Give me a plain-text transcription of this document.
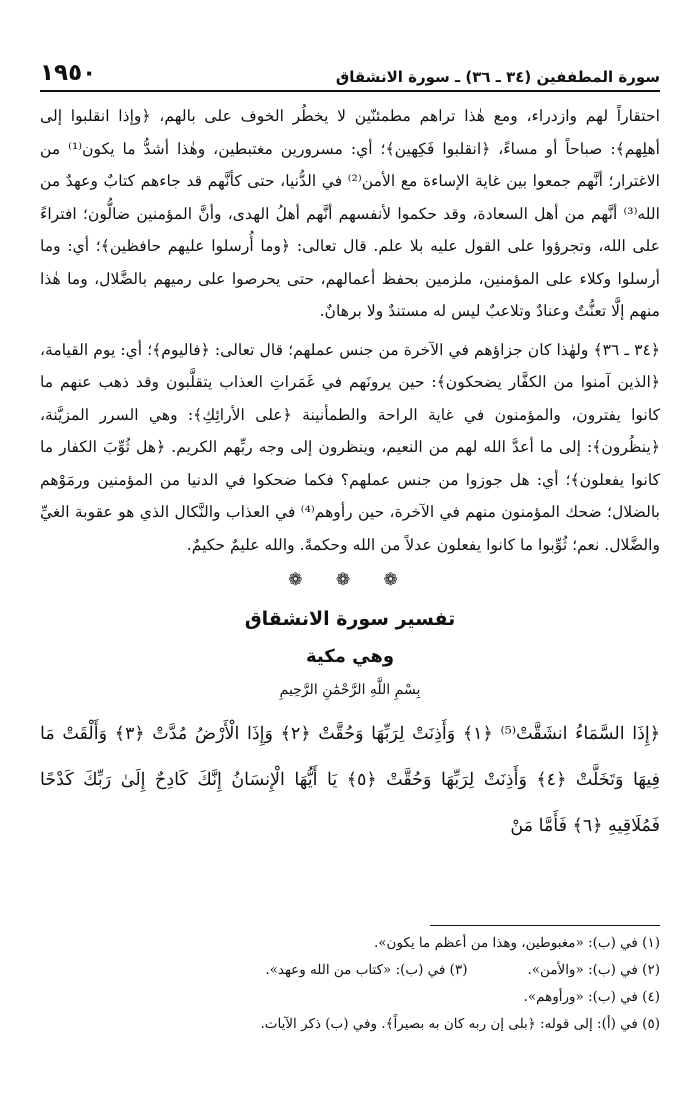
سورة المطففين (٣٤ ـ ٣٦) ـ سورة الانشقاق
١٩٥٠

احتقاراً لهم وازدراء، ومع هٰذا تراهم مطمئنّين لا يخطُر الخوف على بالهم، ﴿وإذا انقلبوا إلى أهلِهم﴾: صباحاً أو مساءً، ﴿انقلبوا فَكِهين﴾؛ أي: مسرورين مغتبطين، وهٰذا أشدُّ ما يكون⁽¹⁾ من الاغترار؛ أنَّهم جمعوا بين غاية الإساءة مع الأمن⁽²⁾ في الدُّنيا، حتى كأنَّهم قد جاءهم كتابٌ وعهدٌ من الله⁽³⁾ أنَّهم من أهل السعادة، وقد حكموا لأنفسهم أنَّهم أهلُ الهدى، وأنَّ المؤمنين ضالُّون؛ افتراءً على الله، وتجرؤوا على القول عليه بلا علم. قال تعالى: ﴿وما أُرسلوا عليهم حافظين﴾؛ أي: وما أرسلوا وكلاء على المؤمنين، ملزمين بحفظ أعمالهم، حتى يحرصوا على رميهم بالضَّلال، وما هٰذا منهم إلَّا تعنُّتٌ وعنادٌ وتلاعبٌ ليس له مستندٌ ولا برهانٌ.

﴿٣٤ ـ ٣٦﴾ ولهٰذا كان جزاؤهم في الآخرة من جنس عملهم؛ قال تعالى: ﴿فاليوم﴾؛ أي: يوم القيامة، ﴿الذين آمنوا من الكفَّار يضحكون﴾: حين يرونَهم في غَمَراتِ العذاب يتقلَّبون وقد ذهب عنهم ما كانوا يفترون، والمؤمنون في غاية الراحة والطمأنينة ﴿على الأرائِكِ﴾: وهي السرر المزيَّنة، ﴿ينظُرون﴾: إلى ما أعدَّ الله لهم من النعيم، وينظرون إلى وجه ربِّهم الكريم. ﴿هل ثُوِّبَ الكفار ما كانوا يفعلون﴾؛ أي: هل جوزوا من جنس عملهم؟ فكما ضحكوا في الدنيا من المؤمنين ورمَوْهم بالضلال؛ ضحك المؤمنون منهم في الآخرة، حين رأوهم⁽⁴⁾ في العذاب والنَّكال الذي هو عقوبة الغيِّ والضَّلال. نعم؛ ثُوِّبوا ما كانوا يفعلون عدلاً من الله وحكمةً. والله عليمٌ حكيمٌ.

❁ ❁ ❁
تفسير سورة الانشقاق
وهي مكية
بِسْمِ اللَّهِ الرَّحْمَٰنِ الرَّحِيمِ
﴿إِذَا السَّمَاءُ انشَقَّتْ⁽⁵⁾ ﴿١﴾ وَأَذِنَتْ لِرَبِّهَا وَحُقَّتْ ﴿٢﴾ وَإِذَا الْأَرْضُ مُدَّتْ ﴿٣﴾ وَأَلْقَتْ مَا فِيهَا وَتَخَلَّتْ ﴿٤﴾ وَأَذِنَتْ لِرَبِّهَا وَحُقَّتْ ﴿٥﴾ يَا أَيُّهَا الْإِنسَانُ إِنَّكَ كَادِحٌ إِلَىٰ رَبِّكَ كَدْحًا فَمُلَاقِيهِ ﴿٦﴾ فَأَمَّا مَنْ
(١) في (ب): «مغبوطين، وهذا من أعظم ما يكون».
(٢) في (ب): «والأمن».
(٣) في (ب): «كتاب من الله وعهد».
(٤) في (ب): «ورأوهم».
(٥) في (أ): إلى قوله: ﴿بلى إن ربه كان به بصيراً﴾. وفي (ب) ذكر الآيات.
